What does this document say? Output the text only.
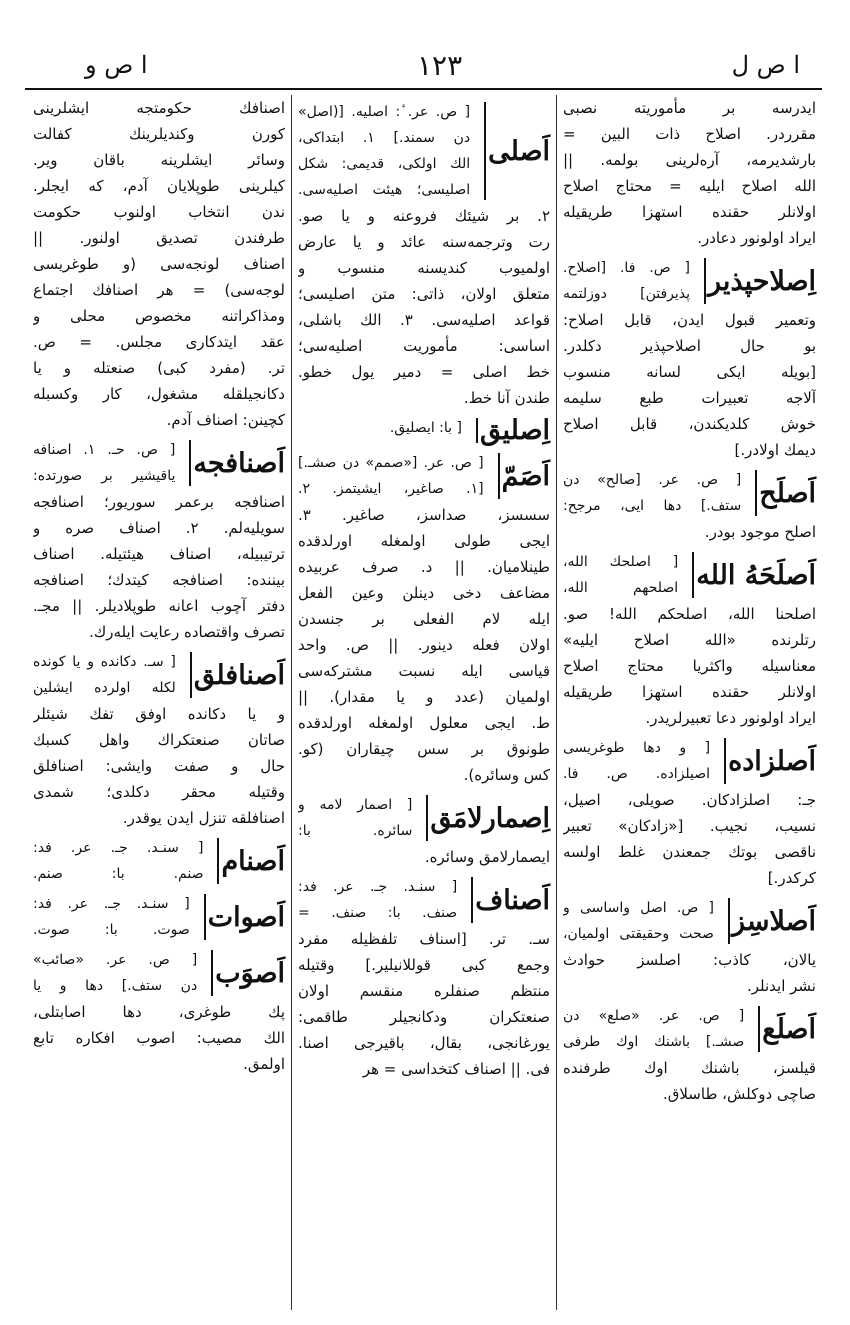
ا ص ل
١٢٣
ا ص و
ایدرسه بر مأموریته نصبی
مقرردر. اصلاح ذات البین =
بارشدیرمه، آره‌لرینی بولمه. ||
الله اصلاح ایلیه = محتاج اصلاح
اولانلر حقنده استهزا طریقیله
ایراد اولونور دعادر.
اِصلاحپذیر
[ ص. فا. [اصلاح.
پذیرفتن] دوزلتمه
وتعمیر قبول ایدن، قابل اصلاح:
بو حال اصلاحپذیر دکلدر.
[بویله ایکی لسانه منسوب
آلاجه تعبیرات طبع سلیمه
خوش کلدیکندن، قابل اصلاح
دیمك اولادر.]
اَصلَح
[ ص. عر. [صالح» دن
ستف.] دها ایی، مرجح:
اصلح موجود بودر.
اَصلَحَهُ الله
[ اصلحك الله،
اصلحهم الله،
اصلحنا الله، اصلحکم الله! صو.
رتلرنده «الله اصلاح ایلیه»
معناسیله واکثریا محتاج اصلاح
اولانلر حقنده استهزا طریقیله
ایراد اولونور دعا تعبیرلریدر.
اَصلزاده
[ و دها طوغریسی
اصیلزاده. ص. فا.
جـ: اصلزادکان. صویلی، اصیل،
نسیب، نجیب. [«زادکان» تعبیر
ناقصی بوتك جمعندن غلط اولسه
کرکدر.]
اَصلاسِز
[ ص. اصل واساسی و
صحت وحقیقتی اولمیان،
یالان، کاذب: اصلسز حوادث
نشر ایدنلر.
اَصلَع
[ ص. عر. «صلع» دن
صشـ.] باشنك اوك طرفی
قیلسز، باشنك اوك طرفنده
صاچی دوکلش، طاسلاق.
اَصلی
[ ص. عر. ٔ: اصلیه. [(اصل»
دن سمند.] ١. ابتداکی،
الك اولکی، قدیمی: شکل
اصلیسی؛ هیئت اصلیه‌سی.
٢. بر شیئك فروعنه و یا صو.
رت وترجمه‌سنه عائد و یا عارض
اولمیوب کندیسنه منسوب و
متعلق اولان، ذاتی: متن اصلیسی؛
قواعد اصلیه‌سی. ٣. الك باشلی،
اساسی: مأموریت اصلیه‌سی؛
خط اصلی = دمیر یول خطو.
طندن آنا خط.
اِصلیق
[ با: ایصلیق.
اَصَمّ
[ ص. عر. [«صمم» دن صشـ.]
[١. صاغیر، ایشیتمز. ٢.
سسسز، صداسز، صاغیر. ٣.
ایجی طولی اولمغله اورلدقده
طینلامیان. || د. صرف عربیده
مضاعف دخی دینلن وعین الفعل
ایله لام الفعلی بر جنسدن
اولان فعله دینور. || ص. واحد
قیاسی ایله نسبت مشترکه‌سی
اولمیان (عدد و یا مقدار). ||
ط. ایجی معلول اولمغله اورلدقده
طونوق بر سس چیقاران (کو.
کس وسائره).
اِصمارلامَق
[ اصمار لامه و
سائره. با:
ایصمارلامق وسائره.
اَصناف
[ سنـد. جـ. عر. فد:
صنف. با: صنف. =
سـ. تر. [اسناف تلفظیله مفرد
وجمع کبی قوللانیلیر.] وقتیله
منتظم صنفلره منقسم اولان
صنعتکران ودکانجیلر طاقمی:
یورغانجی، بقال، باقیرجی اصنا.
فی. || اصناف کتخداسی = هر
اصنافك حکومتجه ایشلرینی
کورن وکندیلرینك کفالت
وسائر ایشلرینه باقان ویر.
کیلرینی طوپلایان آدم، که ایجلر.
ندن انتخاب اولنوب حکومت
طرفندن تصدیق اولنور. ||
اصناف لونجه‌سی (و طوغریسی
لوجه‌سی) = هر اصنافك اجتماع
ومذاکراتنه مخصوص محلی و
عقد ایتدکاری مجلس. = ص.
تر. (مفرد کبی) صنعتله و یا
دکانجیلقله مشغول، کار وکسبله
کچینن: اصناف آدم.
اَصنافجه
[ ص. حـ. ١. اصنافه
یاقیشیر بر صورتده:
اصنافجه برعمر سوریور؛ اصنافجه
سویلیه‌لم. ٢. اصناف صره و
ترتیبیله، اصناف هیئتیله. اصناف
بیننده: اصنافجه کیتدك؛ اصنافجه
دفتر آچوب اعانه طوپلادیلر. || مجـ.
تصرف واقتصاده رعایت ایله‌رك.
اَصنافلق
[ سـ. دکانده و یا کونده‌
لکله اولرده ایشلین
و یا دکانده اوفق تفك شیئلر
صاتان صنعتکراك واهل کسبك
حال و صفت وایشی: اصنافلق
وقتیله محقر دکلدی؛ شمدی
اصنافلقه تنزل ایدن یوقدر.
اَصنام
[ سنـد. جـ. عر. فد:
صنم. با: صنم.
اَصوات
[ سنـد. جـ. عر. فد:
صوت. با: صوت.
اَصوَب
[ ص. عر. «صائب»
دن ستف.] دها و یا
پك طوغری، دها اصابتلی،
الك مصیب: اصوب افکاره تابع
اولمق.
